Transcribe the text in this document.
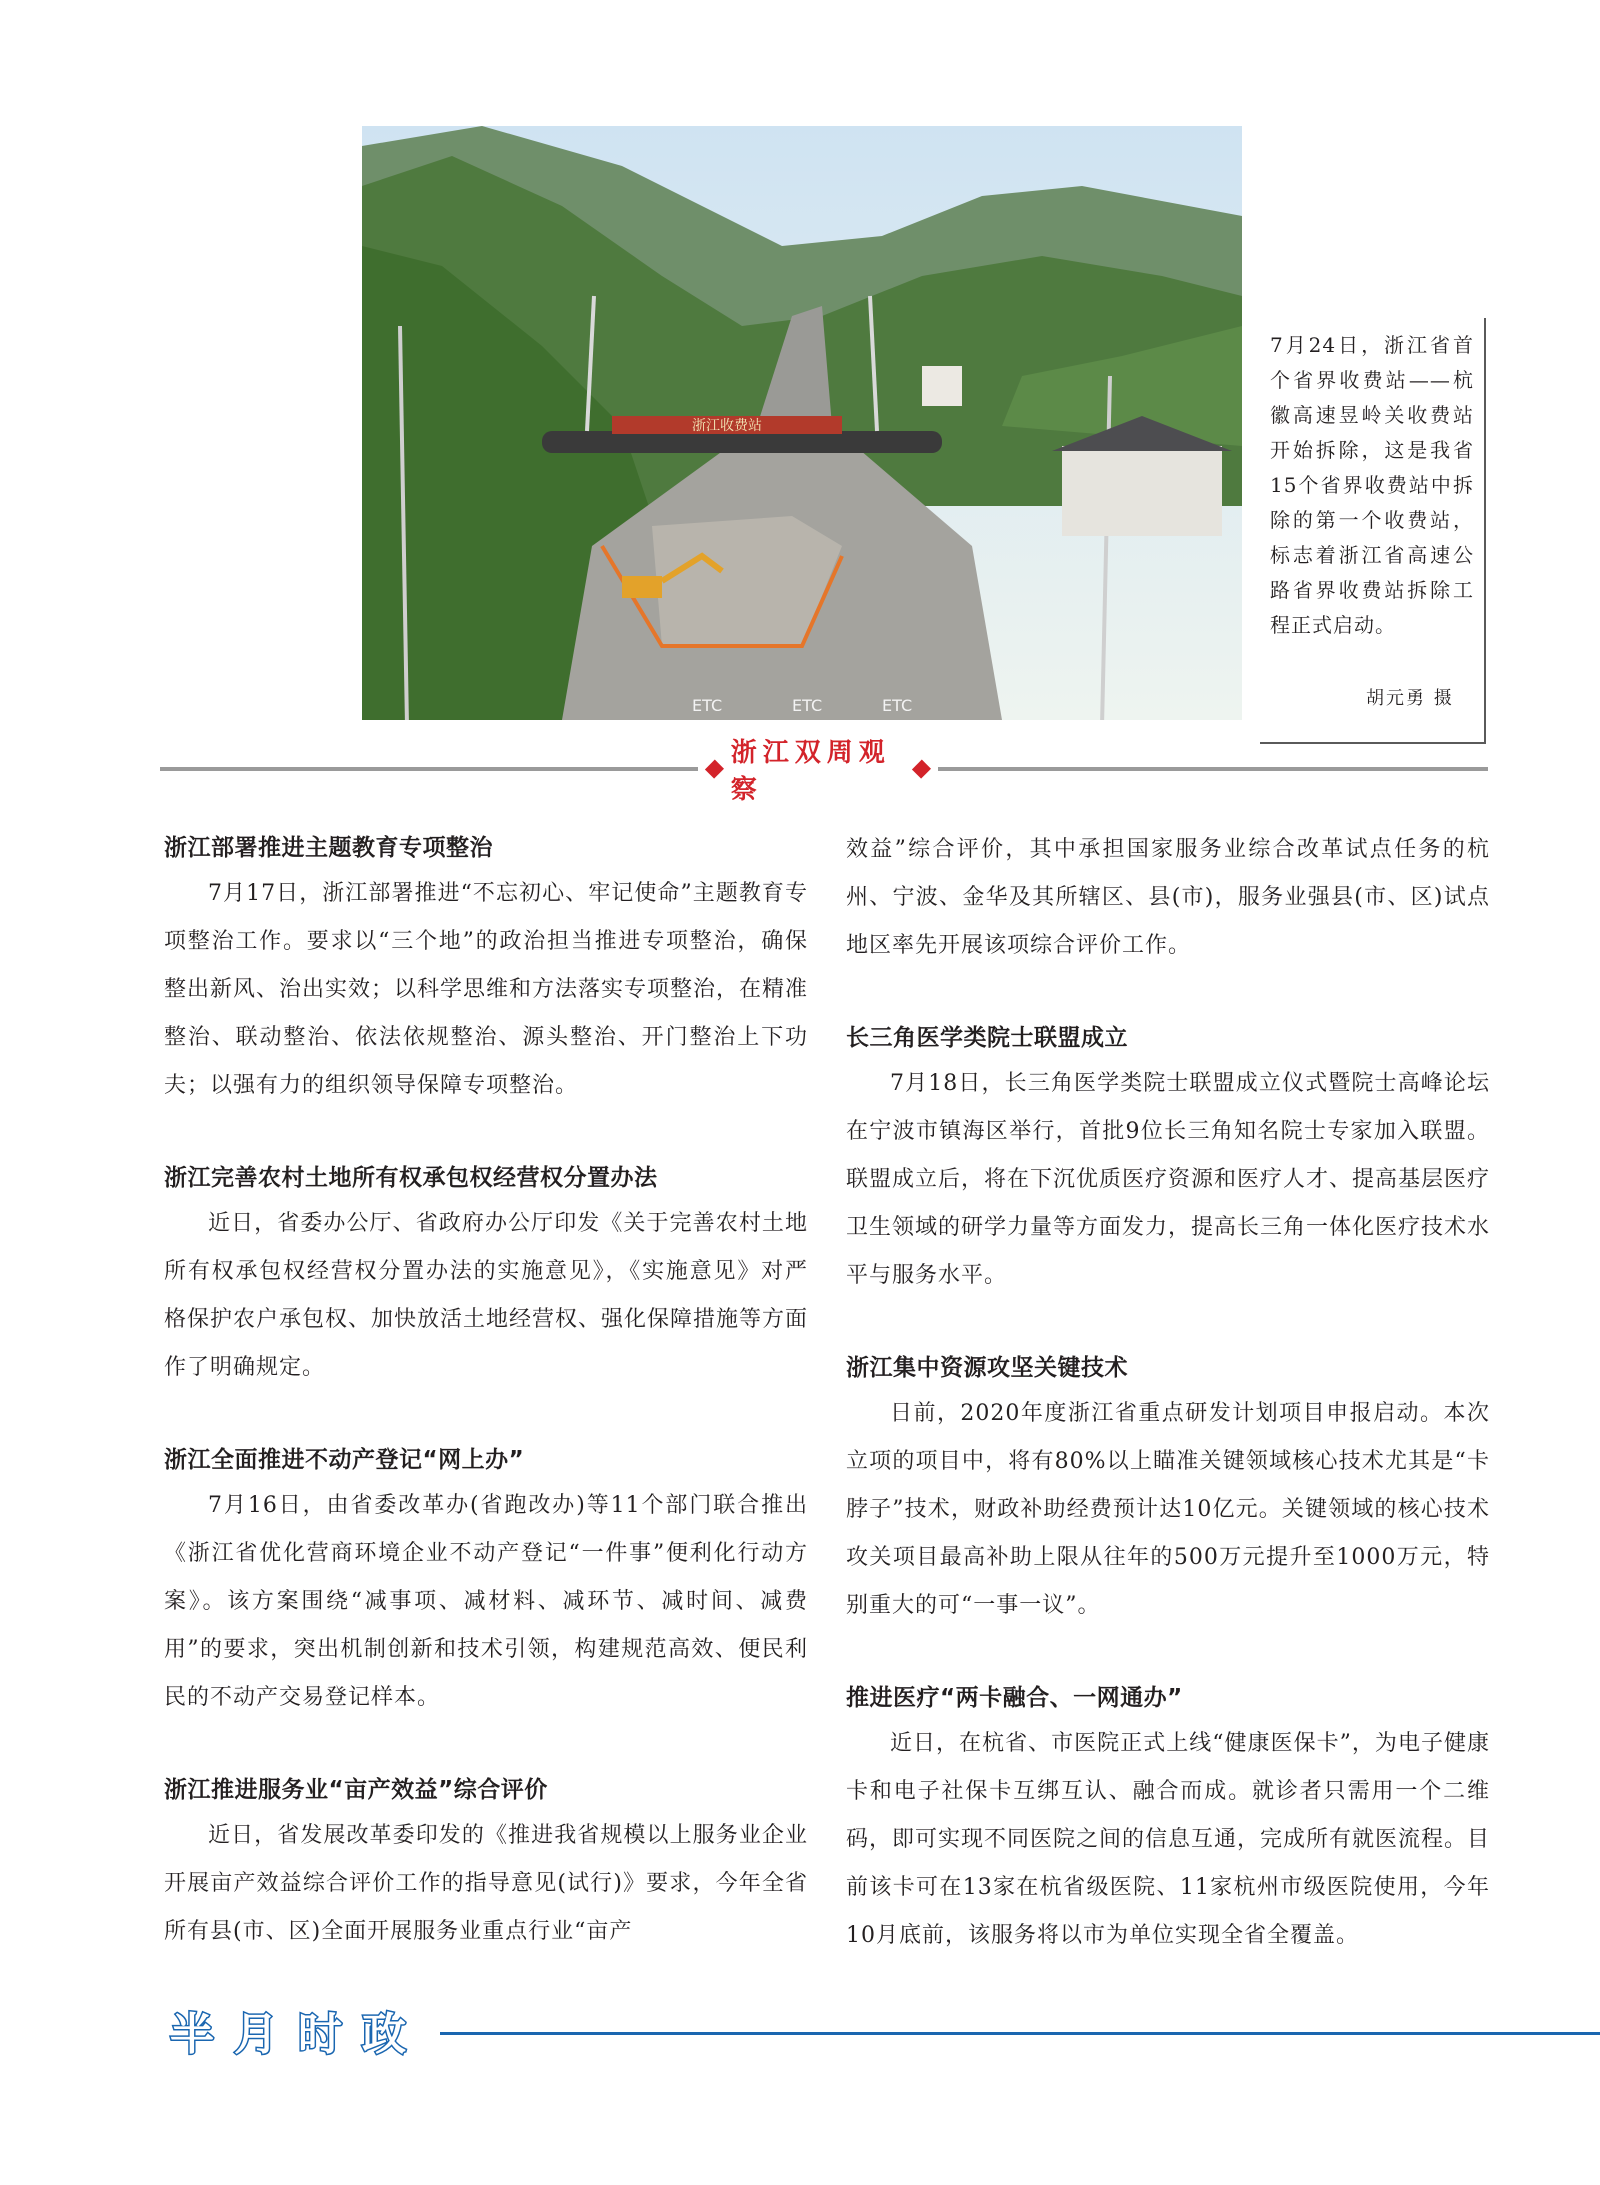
浙江收费站
ETC	ETC	ETC
7月24日，浙江省首个省界收费站——杭徽高速昱岭关收费站开始拆除，这是我省15个省界收费站中拆除的第一个收费站，标志着浙江省高速公路省界收费站拆除工程正式启动。
胡元勇 摄
浙江双周观察
浙江部署推进主题教育专项整治

7月17日，浙江部署推进“不忘初心、牢记使命”主题教育专项整治工作。要求以“三个地”的政治担当推进专项整治，确保整出新风、治出实效；以科学思维和方法落实专项整治，在精准整治、联动整治、依法依规整治、源头整治、开门整治上下功夫；以强有力的组织领导保障专项整治。

浙江完善农村土地所有权承包权经营权分置办法

近日，省委办公厅、省政府办公厅印发《关于完善农村土地所有权承包权经营权分置办法的实施意见》，《实施意见》对严格保护农户承包权、加快放活土地经营权、强化保障措施等方面作了明确规定。

浙江全面推进不动产登记“网上办”

7月16日，由省委改革办(省跑改办)等11个部门联合推出《浙江省优化营商环境企业不动产登记“一件事”便利化行动方案》。该方案围绕“减事项、减材料、减环节、减时间、减费用”的要求，突出机制创新和技术引领，构建规范高效、便民利民的不动产交易登记样本。

浙江推进服务业“亩产效益”综合评价

近日，省发展改革委印发的《推进我省规模以上服务业企业开展亩产效益综合评价工作的指导意见(试行)》要求，今年全省所有县(市、区)全面开展服务业重点行业“亩产

效益”综合评价，其中承担国家服务业综合改革试点任务的杭州、宁波、金华及其所辖区、县(市)，服务业强县(市、区)试点地区率先开展该项综合评价工作。

长三角医学类院士联盟成立

7月18日，长三角医学类院士联盟成立仪式暨院士高峰论坛在宁波市镇海区举行，首批9位长三角知名院士专家加入联盟。联盟成立后，将在下沉优质医疗资源和医疗人才、提高基层医疗卫生领域的研学力量等方面发力，提高长三角一体化医疗技术水平与服务水平。

浙江集中资源攻坚关键技术

日前，2020年度浙江省重点研发计划项目申报启动。本次立项的项目中，将有80%以上瞄准关键领域核心技术尤其是“卡脖子”技术，财政补助经费预计达10亿元。关键领域的核心技术攻关项目最高补助上限从往年的500万元提升至1000万元，特别重大的可“一事一议”。

推进医疗“两卡融合、一网通办”

近日，在杭省、市医院正式上线“健康医保卡”，为电子健康卡和电子社保卡互绑互认、融合而成。就诊者只需用一个二维码，即可实现不同医院之间的信息互通，完成所有就医流程。目前该卡可在13家在杭省级医院、11家杭州市级医院使用，今年10月底前，该服务将以市为单位实现全省全覆盖。

半 月 时 政
